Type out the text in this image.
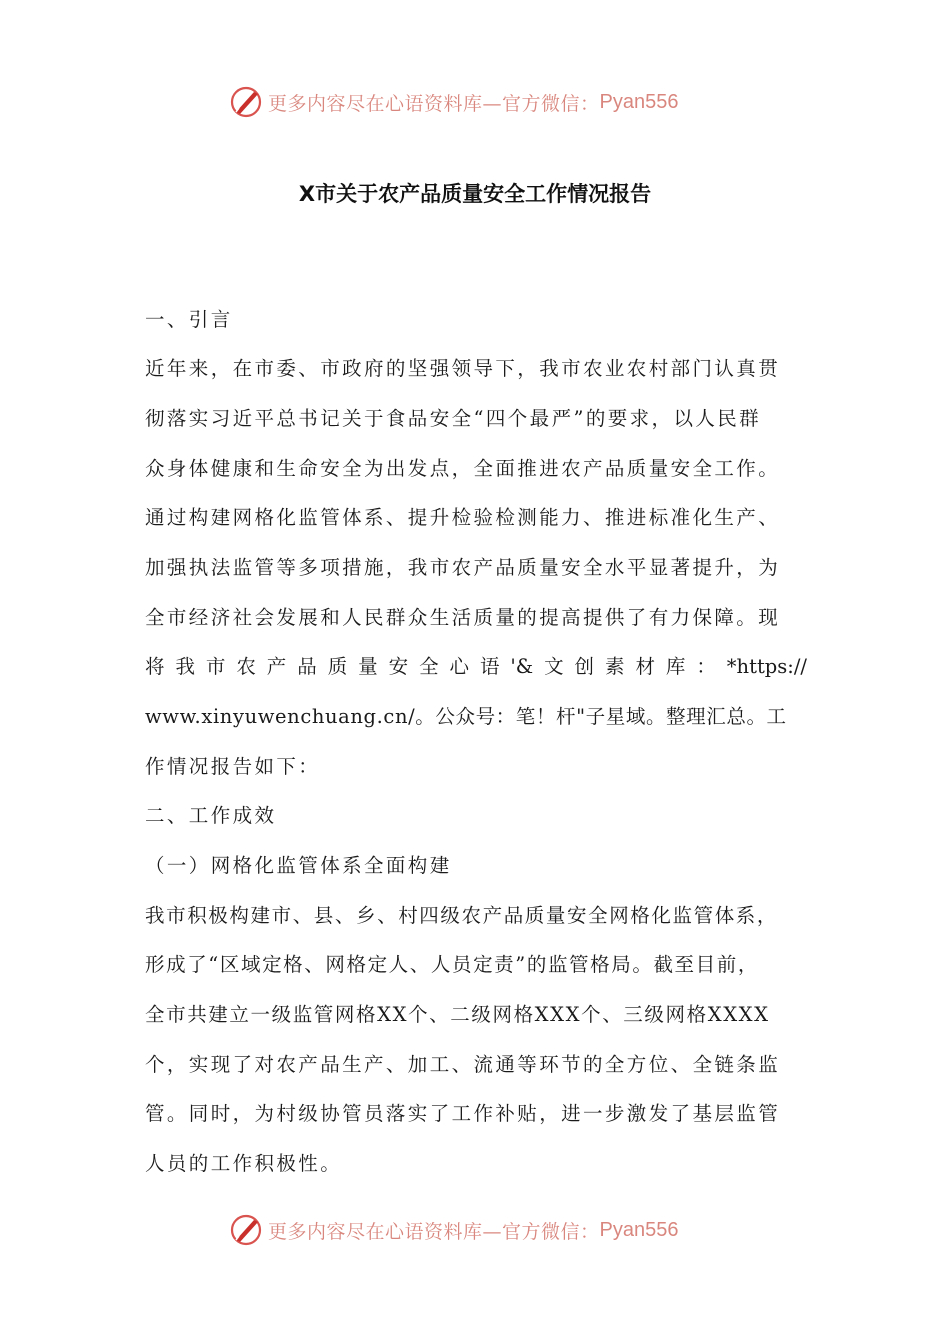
更多内容尽在心语资料库—官方微信： Pyan556
X市关于农产品质量安全工作情况报告
一、引言
近年来，在市委、市政府的坚强领导下，我市农业农村部门认真贯
彻落实习近平总书记关于食品安全“四个最严”的要求，以人民群
众身体健康和生命安全为出发点，全面推进农产品质量安全工作。
通过构建网格化监管体系、提升检验检测能力、推进标准化生产、
加强执法监管等多项措施，我市农产品质量安全水平显著提升，为
全市经济社会发展和人民群众生活质量的提高提供了有力保障。现
将我市农产品质量安全心语'&文创素材库：*https://
www.xinyuwenchuang.cn/。公众号：笔！杆"子星域。整理汇总。工
作情况报告如下：
二、工作成效
（一）网格化监管体系全面构建
我市积极构建市、县、乡、村四级农产品质量安全网格化监管体系，
形成了“区域定格、网格定人、人员定责”的监管格局。截至目前，
全市共建立一级监管网格XX个、二级网格XXX个、三级网格XXXX
个，实现了对农产品生产、加工、流通等环节的全方位、全链条监
管。同时，为村级协管员落实了工作补贴，进一步激发了基层监管
人员的工作积极性。
更多内容尽在心语资料库—官方微信： Pyan556
